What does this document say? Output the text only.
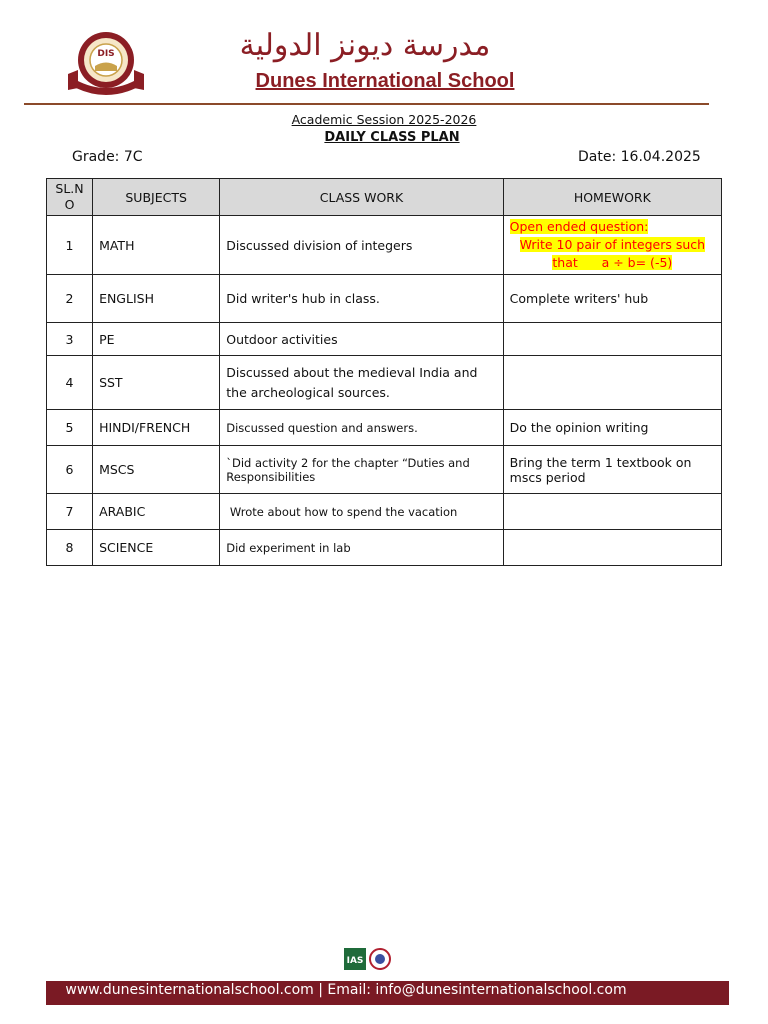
DIS	مدرسة ديونز الدولية
Dunes International School
Academic Session 2025-2026
DAILY CLASS PLAN
Grade: 7C	Date: 16.04.2025
SL.NO	SUBJECTS	CLASS WORK	HOMEWORK
1	MATH	Discussed division of integers	Open ended question:
Write 10 pair of integers such
that      a ÷ b= (-5)

2	ENGLISH	Did writer's hub in class.	Complete writers' hub
3	PE	Outdoor activities	
4	SST	Discussed about the medieval India and the archeological sources.	
5	HINDI/FRENCH	Discussed question and answers.	Do the opinion writing
6	MSCS	`Did activity 2 for the chapter “Duties and Responsibilities	Bring the term 1 textbook on mscs period
7	ARABIC	Wrote about how to spend the vacation	
8	SCIENCE	Did experiment in lab	
IAS
www.dunesinternationalschool.com | Email: info@dunesinternationalschool.com
